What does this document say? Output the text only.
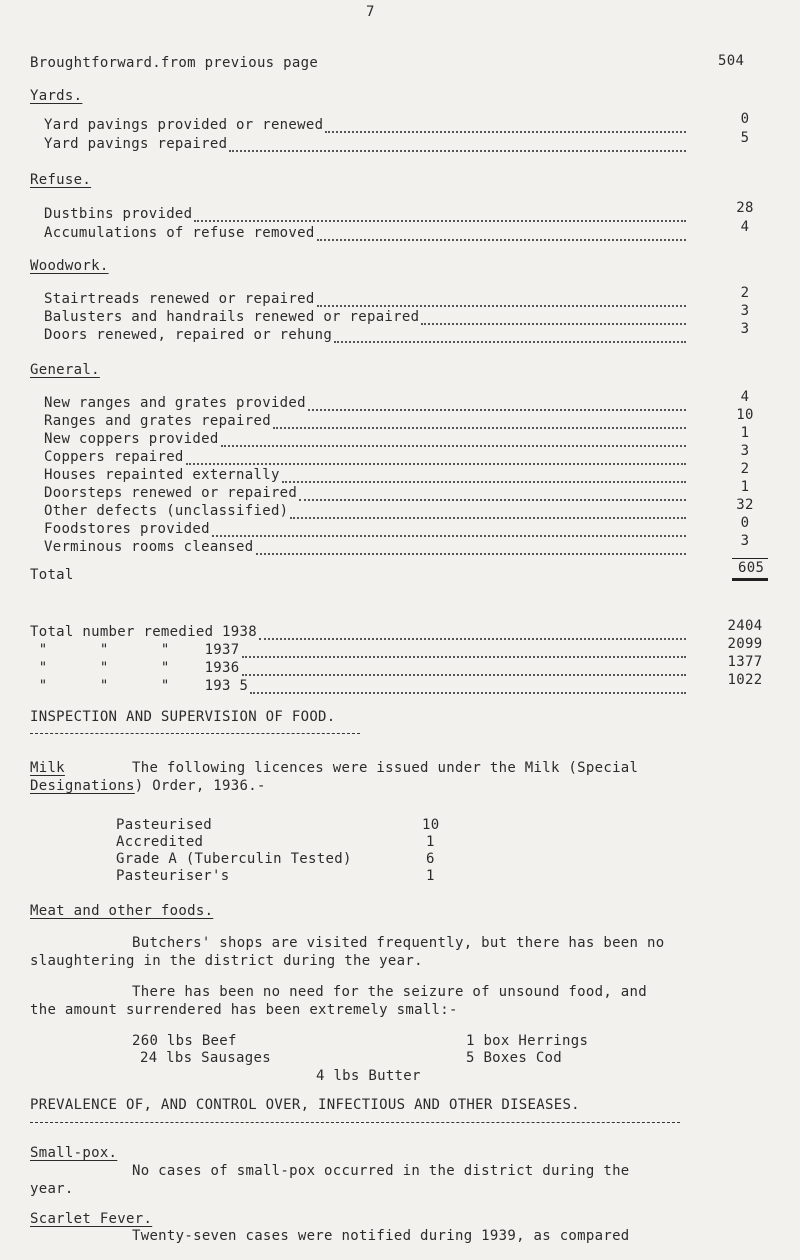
7
Broughtforward.from previous page	504
Yards.
Yard pavings provided or renewed	0
Yard pavings repaired	5
Refuse.
Dustbins provided	28
Accumulations of refuse removed	4
Woodwork.
Stairtreads renewed or repaired	2
Balusters and handrails renewed or repaired	3
Doors renewed, repaired or rehung	3
General.
New ranges and grates provided	4
Ranges and grates repaired	10
New coppers provided	1
Coppers repaired	3
Houses repainted externally	2
Doorsteps renewed or repaired	1
Other defects (unclassified)	32
Foodstores provided	0
Verminous rooms cleansed	3
Total	605
Total number remedied 1938	2404
"      "      "    1937	2099
"      "      "    1936	1377
"      "      "    193 5	1022
INSPECTION AND SUPERVISION OF FOOD.
Milk	The following licences were issued under the Milk (Special
Designations) Order, 1936.-
Pasteurised	10
Accredited	1
Grade A (Tuberculin Tested)	6
Pasteuriser's	1
Meat and other foods.
Butchers' shops are visited frequently, but there has been no
slaughtering in the district during the year.
There has been no need for the seizure of unsound food, and
the amount surrendered has been extremely small:-
260 lbs Beef	1 box Herrings
24 lbs Sausages	5 Boxes Cod
4 lbs Butter
PREVALENCE OF, AND CONTROL OVER, INFECTIOUS AND OTHER DISEASES.
Small-pox.
No cases of small-pox occurred in the district during the
year.
Scarlet Fever.
Twenty-seven cases were notified during 1939, as compared
